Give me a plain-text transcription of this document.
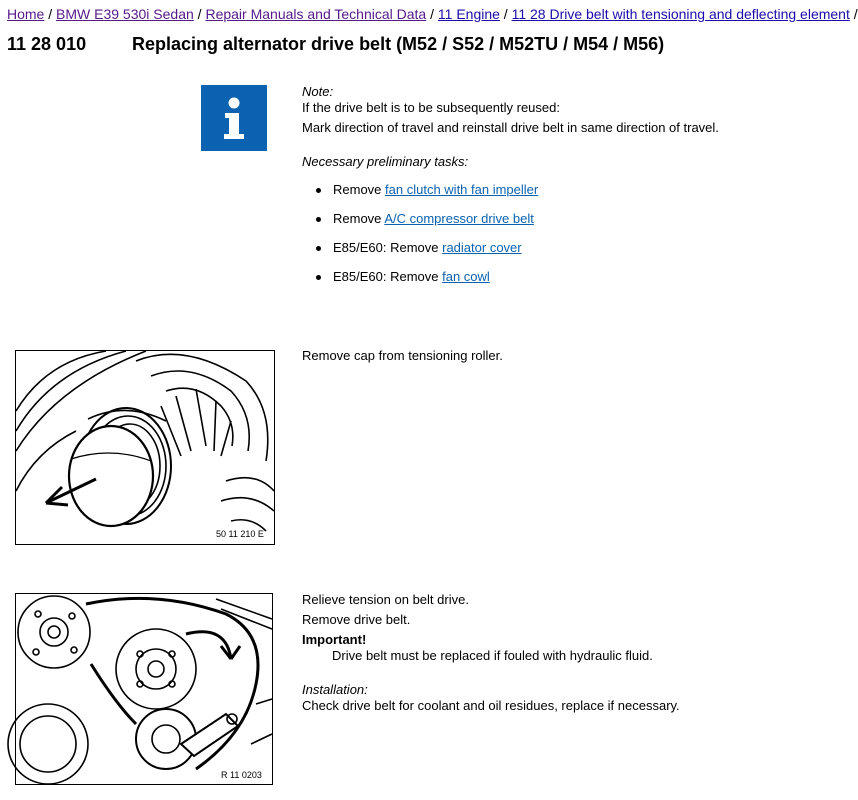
Home / BMW E39 530i Sedan / Repair Manuals and Technical Data / 11 Engine / 11 28 Drive belt with tensioning and deflecting element /
11 28 010	Replacing alternator drive belt (M52 / S52 / M52TU / M54 / M56)
Note:
If the drive belt is to be subsequently reused:
Mark direction of travel and reinstall drive belt in same direction of travel.
Necessary preliminary tasks:
Remove fan clutch with fan impeller
Remove A/C compressor drive belt
E85/E60: Remove radiator cover
E85/E60: Remove fan cowl
50 11 210 E
Remove cap from tensioning roller.
R 11 0203
Relieve tension on belt drive.
Remove drive belt.
Important!
Drive belt must be replaced if fouled with hydraulic fluid.
Installation:
Check drive belt for coolant and oil residues, replace if necessary.
